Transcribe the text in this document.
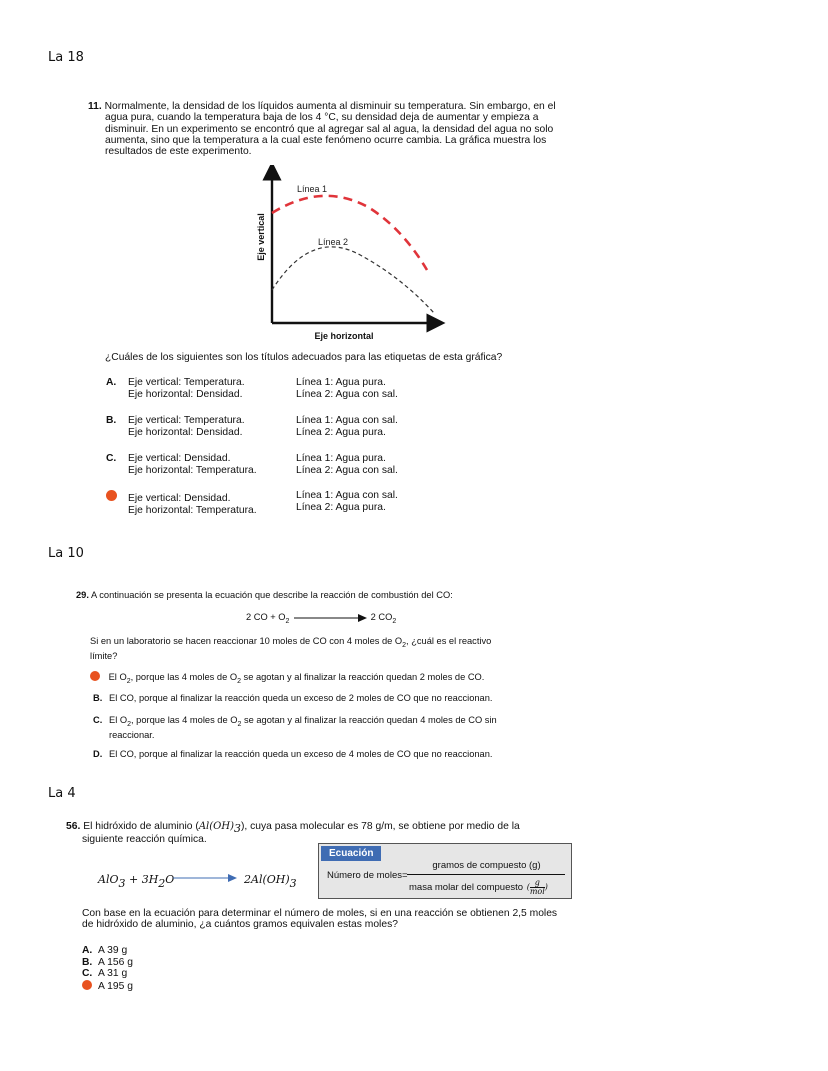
La 18
La 10
La 4
11. Normalmente, la densidad de los líquidos aumenta al disminuir su temperatura. Sin embargo, en el
agua pura, cuando la temperatura baja de los 4 °C, su densidad deja de aumentar y empieza a
disminuir. En un experimento se encontró que al agregar sal al agua, la densidad del agua no solo
aumenta, sino que la temperatura a la cual este fenómeno ocurre cambia. La gráfica muestra los
resultados de este experimento.
Línea 1
Línea 2
Eje vertical
Eje horizontal
¿Cuáles de los siguientes son los títulos adecuados para las etiquetas de esta gráfica?
A. Eje vertical: Temperatura.
Eje horizontal: Densidad.
Línea 1: Agua pura.
Línea 2: Agua con sal.
B. Eje vertical: Temperatura.
Eje horizontal: Densidad.
Línea 1: Agua con sal.
Línea 2: Agua pura.
C. Eje vertical: Densidad.
Eje horizontal: Temperatura.
Línea 1: Agua pura.
Línea 2: Agua con sal.
Eje vertical: Densidad.
Eje horizontal: Temperatura.
Línea 1: Agua con sal.
Línea 2: Agua pura.
29. A continuación se presenta la ecuación que describe la reacción de combustión del CO:
2 CO + $O_2$	2 $CO_2$
Si en un laboratorio se hacen reaccionar 10 moles de CO con 4 moles de $O_2$, ¿cuál es el reactivo
límite?
El $O_2$, porque las 4 moles de $O_2$ se agotan y al finalizar la reacción quedan 2 moles de CO.
B. El CO, porque al finalizar la reacción queda un exceso de 2 moles de CO que no reaccionan.
C. El $O_2$, porque las 4 moles de $O_2$ se agotan y al finalizar la reacción quedan 4 moles de CO sin
reaccionar.
D. El CO, porque al finalizar la reacción queda un exceso de 4 moles de CO que no reaccionan.
56. El hidróxido de aluminio $(Al(OH)_3)$, cuya pasa molecular es 78 g/m, se obtiene por medio de la
siguiente reacción química.
$AlO_3 + 3H_2O$	$2Al(OH)_3$
Ecuación
Número de moles=
gramos de compuesto (g)
masa molar del compuesto ( g
mol )
Con base en la ecuación para determinar el número de moles, si en una reacción se obtienen 2,5 moles
de hidróxido de aluminio, ¿a cuántos gramos equivalen estas moles?
A. A 39 g
B. A 156 g
C. A 31 g
A 195 g
